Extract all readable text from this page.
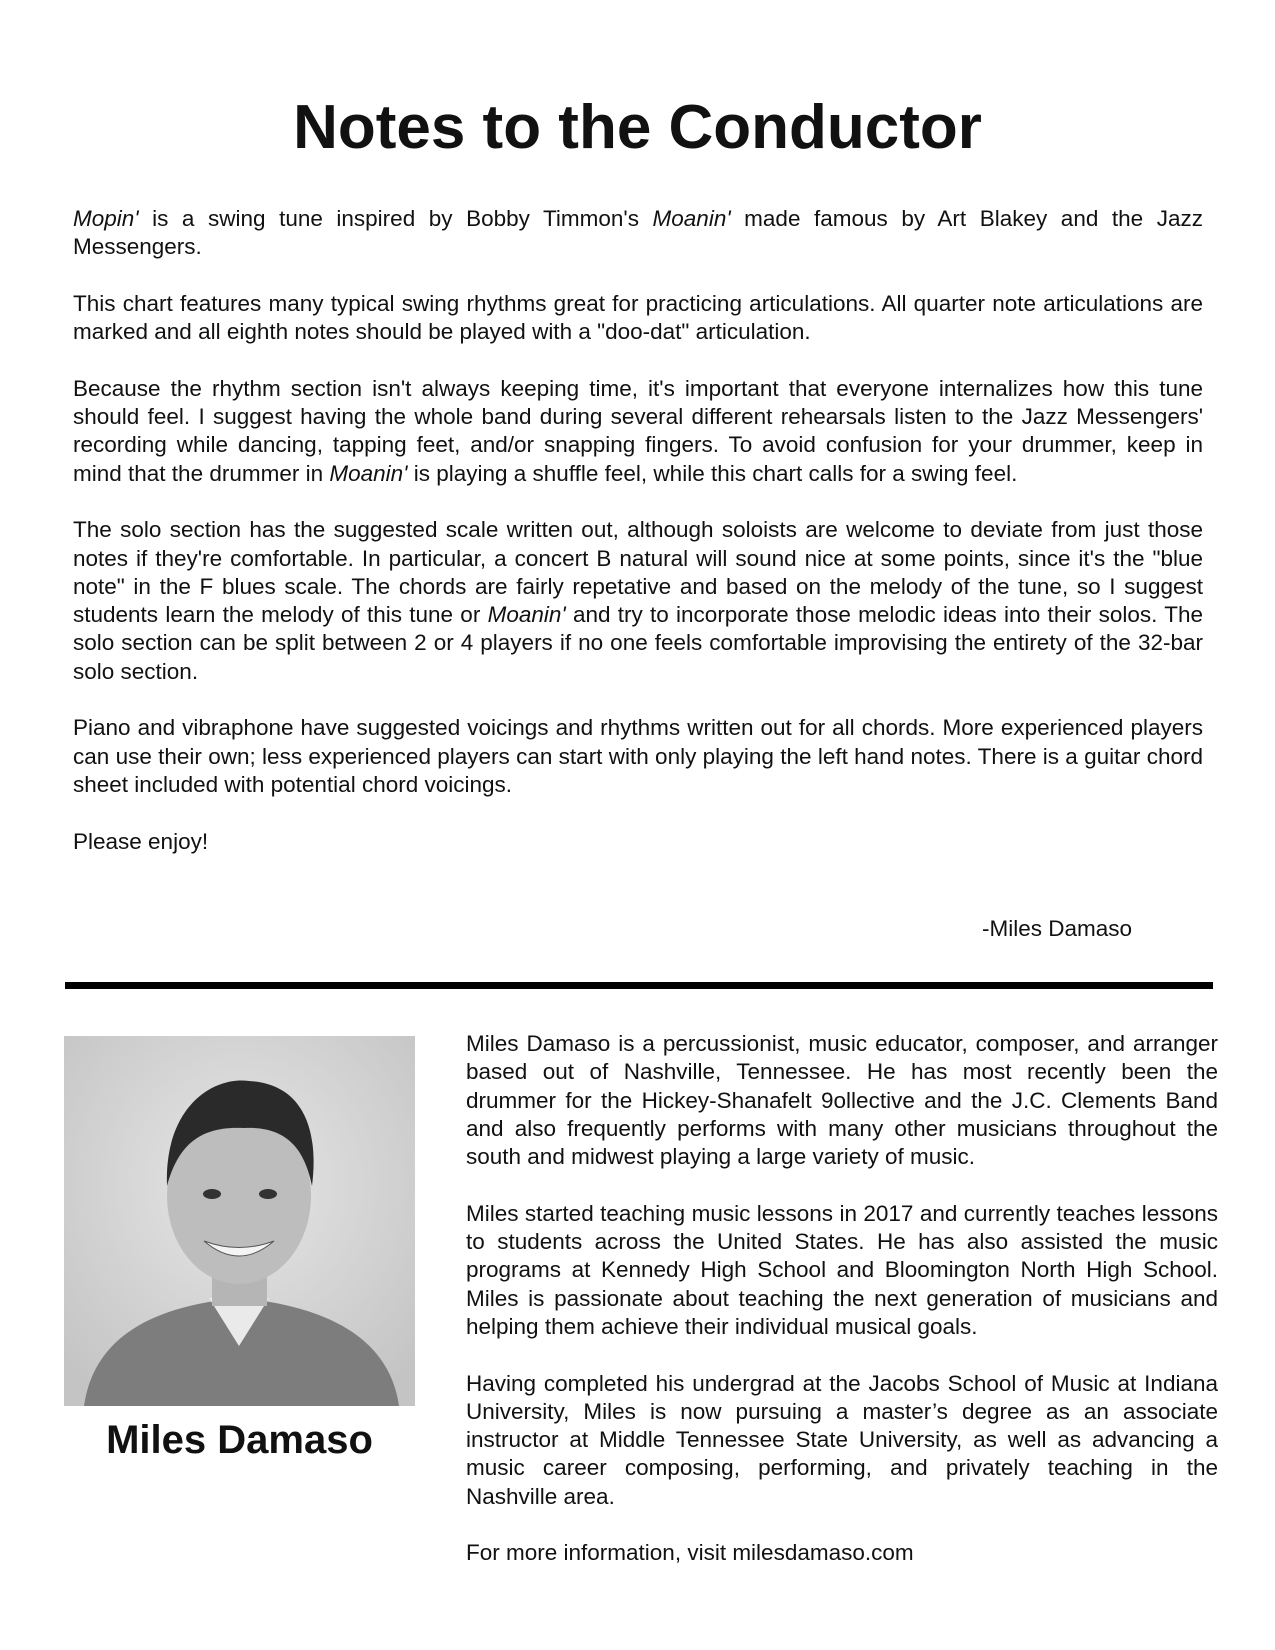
Notes to the Conductor

Mopin' is a swing tune inspired by Bobby Timmon's Moanin' made famous by Art Blakey and the Jazz Messengers.

This chart features many typical swing rhythms great for practicing articulations. All quarter note articulations are marked and all eighth notes should be played with a "doo-dat" articulation.

Because the rhythm section isn't always keeping time, it's important that everyone internalizes how this tune should feel. I suggest having the whole band during several different rehearsals listen to the Jazz Messengers' recording while dancing, tapping feet, and/or snapping fingers. To avoid confusion for your drummer, keep in mind that the drummer in Moanin' is playing a shuffle feel, while this chart calls for a swing feel.

The solo section has the suggested scale written out, although soloists are welcome to deviate from just those notes if they're comfortable. In particular, a concert B natural will sound nice at some points, since it's the "blue note" in the F blues scale. The chords are fairly repetative and based on the melody of the tune, so I suggest students learn the melody of this tune or Moanin' and try to incorporate those melodic ideas into their solos. The solo section can be split between 2 or 4 players if no one feels comfortable improvising the entirety of the 32-bar solo section.

Piano and vibraphone have suggested voicings and rhythms written out for all chords. More experienced players can use their own; less experienced players can start with only playing the left hand notes. There is a guitar chord sheet included with potential chord voicings.

Please enjoy!

-Miles Damaso
Miles Damaso

Miles Damaso is a percussionist, music educator, composer, and arranger based out of Nashville, Tennessee. He has most recently been the drummer for the Hickey-Shanafelt 9ollective and the J.C. Clements Band and also frequently performs with many other musicians throughout the south and midwest playing a large variety of music.

Miles started teaching music lessons in 2017 and currently teaches lessons to students across the United States. He has also assisted the music programs at Kennedy High School and Bloomington North High School. Miles is passionate about teaching the next generation of musicians and helping them achieve their individual musical goals.

Having completed his undergrad at the Jacobs School of Music at Indiana University, Miles is now pursuing a master’s degree as an associate instructor at Middle Tennessee State University, as well as advancing a music career composing, performing, and privately teaching in the Nashville area.

For more information, visit milesdamaso.com
